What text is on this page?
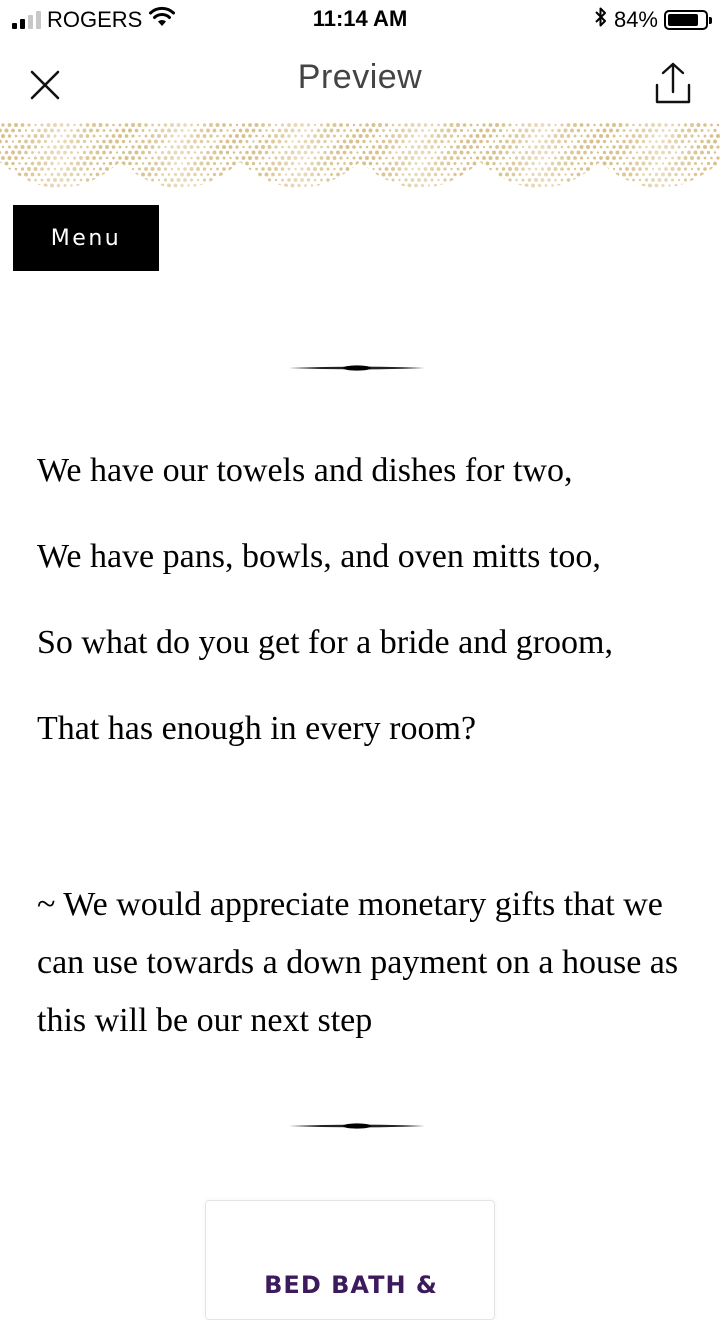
ROGERS	11:14 AM	84%
Preview
Menu
We have our towels and dishes for two,
We have pans, bowls, and oven mitts too,
So what do you get for a bride and groom,
That has enough in every room?
~ We would appreciate monetary gifts that we can use towards a down payment on a house as this will be our next step
BED BATH &
